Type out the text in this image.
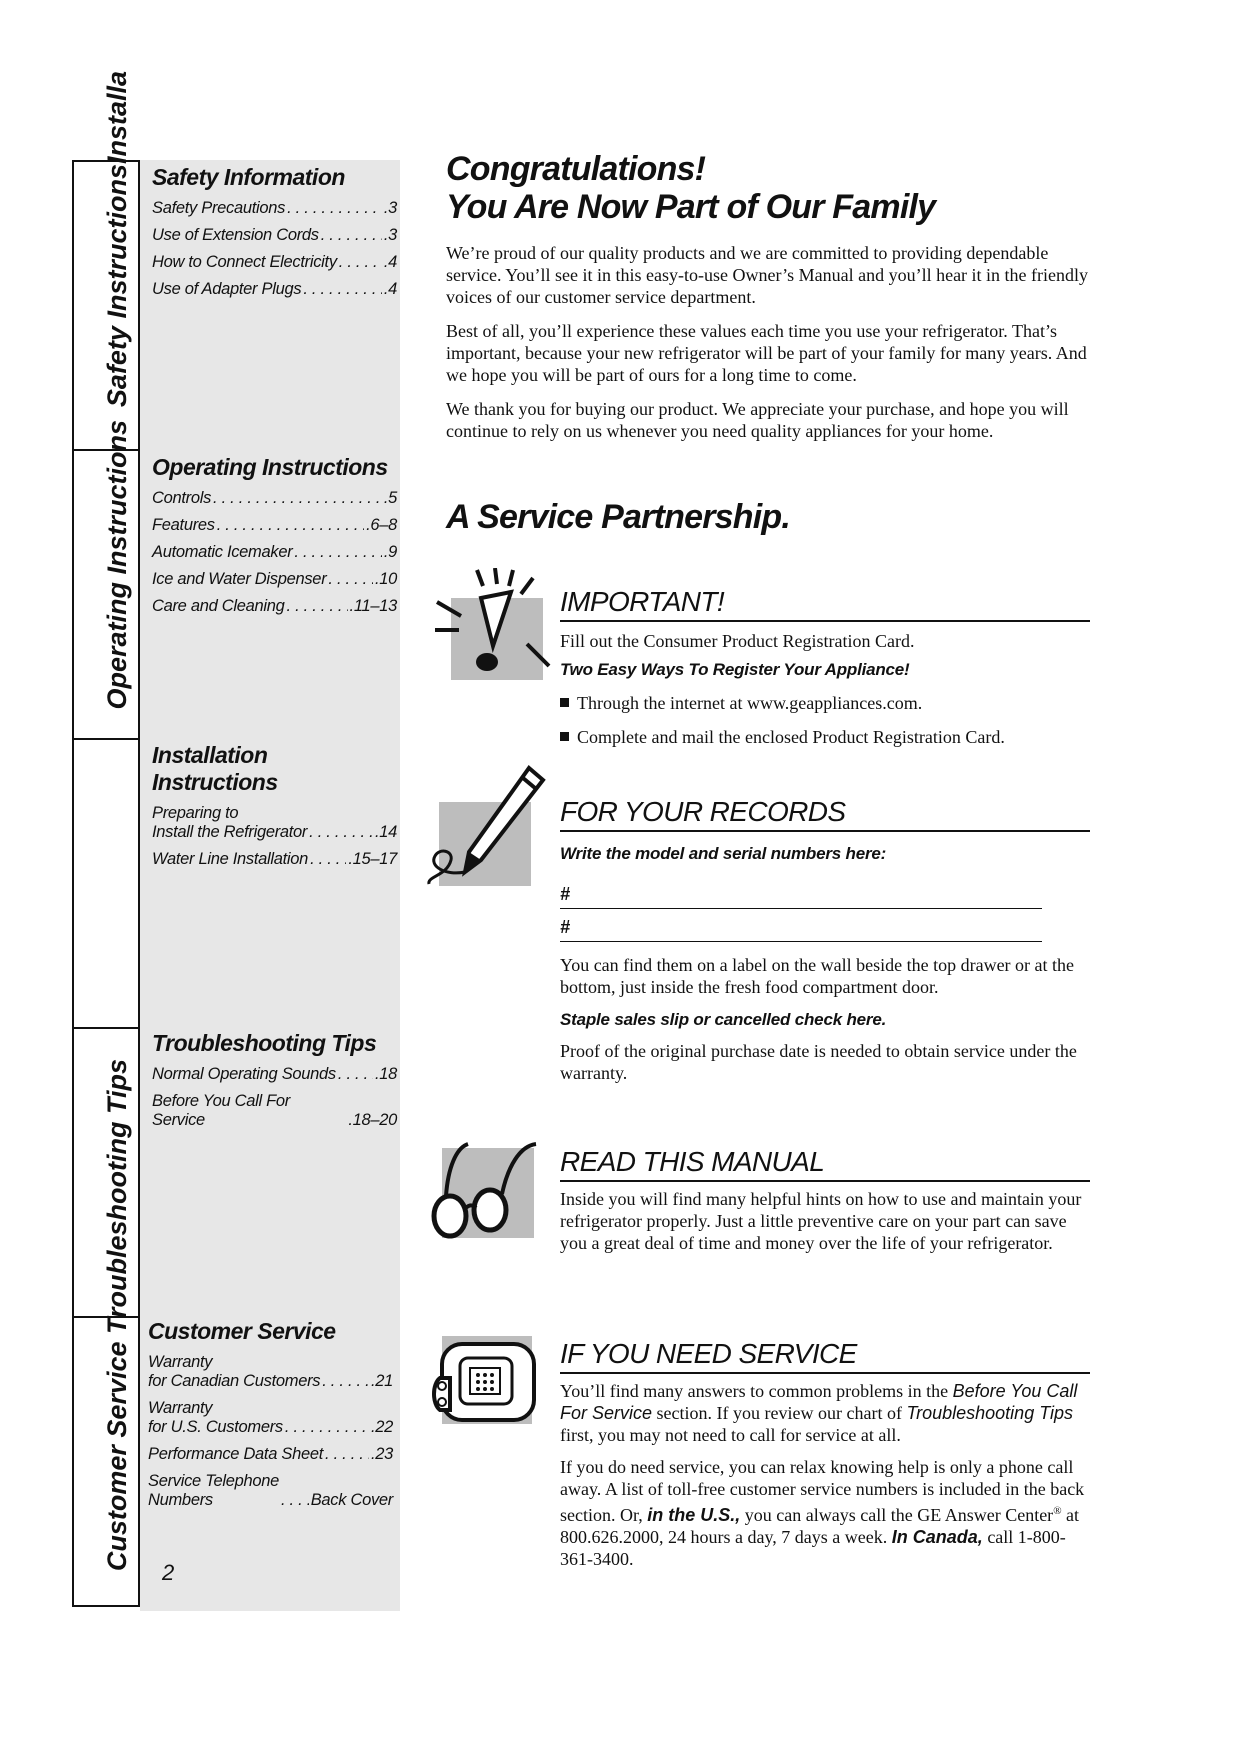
Safety InstructionsInstalla
Operating Instructions
Customer Service Troubleshooting Tips
Safety Information
Safety Precautions . . .	.3
Use of Extension Cords . . .	.3
How to Connect Electricity . . .	.4
Use of Adapter Plugs . . .	.4
Operating Instructions
Controls . . .	.5
Features . . .	.6–8
Automatic Icemaker . . .	.9
Ice and Water Dispenser . . .	.10
Care and Cleaning . . .	.11–13
Installation Instructions
Preparing to
Install the Refrigerator . . .	.14
Water Line Installation . . . .15–17
Troubleshooting Tips
Normal Operating Sounds . . . .18
Before You Call For Service	.18–20
Customer Service
Warranty
for Canadian Customers . . .	.21
Warranty
for U.S. Customers . . .	.22
Performance Data Sheet . . .	.23
Service Telephone
Numbers . . .	Back Cover
2
Congratulations!
You Are Now Part of Our Family

We’re proud of our quality products and we are committed to providing dependable service. You’ll see it in this easy-to-use Owner’s Manual and you’ll hear it in the friendly voices of our customer service department.

Best of all, you’ll experience these values each time you use your refrigerator. That’s important, because your new refrigerator will be part of your family for many years. And we hope you will be part of ours for a long time to come.

We thank you for buying our product. We appreciate your purchase, and hope you will continue to rely on us whenever you need quality appliances for your home.

A Service Partnership.
IMPORTANT!

Fill out the Consumer Product Registration Card.

Two Easy Ways To Register Your Appliance!
Through the internet at www.geappliances.com.
Complete and mail the enclosed Product Registration Card.
FOR YOUR RECORDS
Write the model and serial numbers here:
#
#

You can find them on a label on the wall beside the top drawer or at the bottom, just inside the fresh food compartment door.

Staple sales slip or cancelled check here.

Proof of the original purchase date is needed to obtain service under the warranty.

READ THIS MANUAL

Inside you will find many helpful hints on how to use and maintain your refrigerator properly. Just a little preventive care on your part can save you a great deal of time and money over the life of your refrigerator.

IF YOU NEED SERVICE

You’ll find many answers to common problems in the Before You Call For Service section. If you review our chart of Troubleshooting Tips first, you may not need to call for service at all.

If you do need service, you can relax knowing help is only a phone call away. A list of toll-free customer service numbers is included in the back section. Or, in the U.S., you can always call the GE Answer Center® at 800.626.2000, 24 hours a day, 7 days a week. In Canada, call 1-800-361-3400.
